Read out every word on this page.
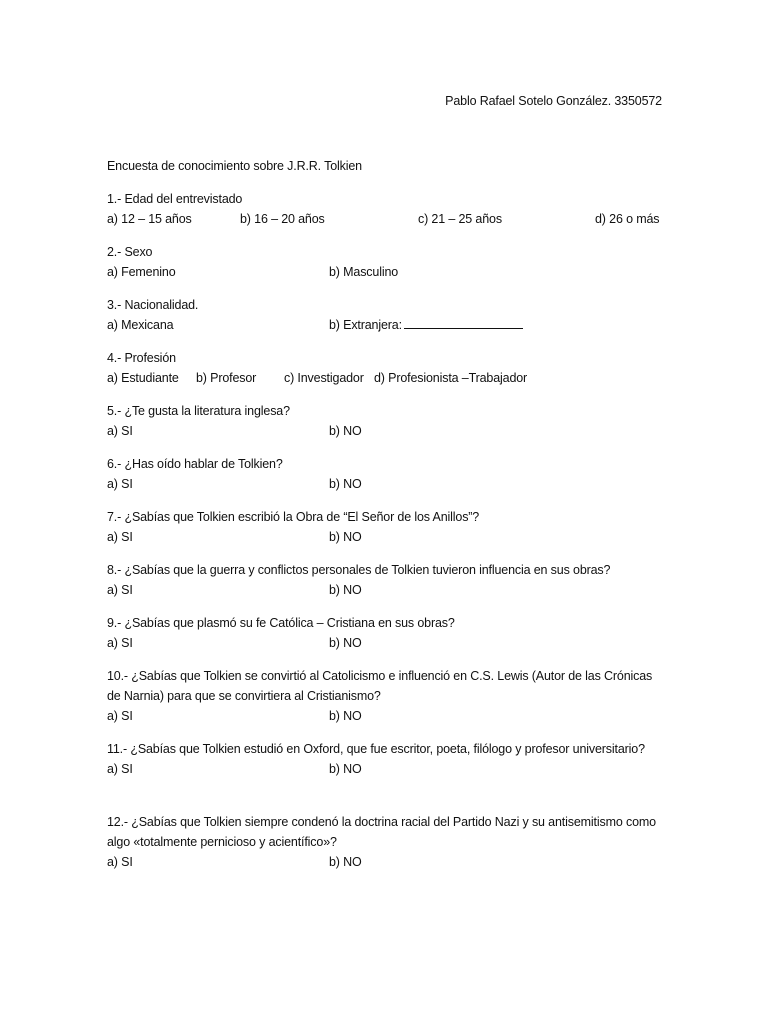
Pablo Rafael Sotelo González. 3350572
Encuesta de conocimiento sobre J.R.R. Tolkien
1.- Edad del entrevistado
a) 12 – 15 años	b) 16 – 20 años	c) 21 – 25 años	d) 26 o más
2.- Sexo
a) Femenino	b) Masculino
3.- Nacionalidad.
a) Mexicana	b) Extranjera:
4.- Profesión
a) Estudiante b) Profesor c) Investigador d) Profesionista –Trabajador
5.- ¿Te gusta la literatura inglesa?
a) SI	b) NO
6.- ¿Has oído hablar de Tolkien?
a) SI	b) NO
7.- ¿Sabías que Tolkien escribió la Obra de “El Señor de los Anillos”?
a) SI	b) NO
8.- ¿Sabías que la guerra y conflictos personales de Tolkien tuvieron influencia en sus obras?
a) SI	b) NO
9.- ¿Sabías que plasmó su fe Católica – Cristiana en sus obras?
a) SI	b) NO
10.- ¿Sabías que Tolkien se convirtió al Catolicismo e influenció en C.S. Lewis (Autor de las Crónicas de Narnia) para que se convirtiera al Cristianismo?
a) SI	b) NO
11.- ¿Sabías que Tolkien estudió en Oxford, que fue escritor, poeta, filólogo y profesor universitario?
a) SI	b) NO
12.- ¿Sabías que Tolkien siempre condenó la doctrina racial del Partido Nazi y su antisemitismo como algo «totalmente pernicioso y acientífico»?
a) SI	b) NO
